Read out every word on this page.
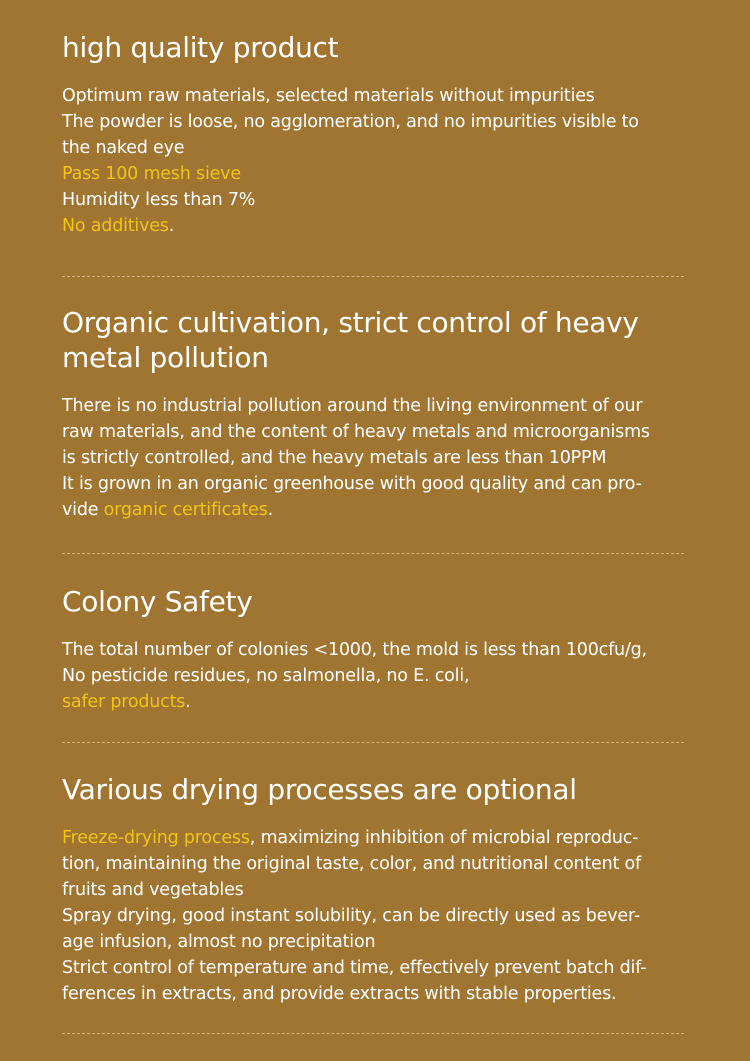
high quality product
Optimum raw materials, selected materials without impurities
The powder is loose, no agglomeration, and no impurities visible to
the naked eye
Pass 100 mesh sieve
Humidity less than 7%
No additives.
Organic cultivation, strict control of heavy
metal pollution
There is no industrial pollution around the living environment of our
raw materials, and the content of heavy metals and microorganisms
is strictly controlled, and the heavy metals are less than 10PPM
It is grown in an organic greenhouse with good quality and can pro-
vide organic certificates.
Colony Safety
The total number of colonies <1000, the mold is less than 100cfu/g,
No pesticide residues, no salmonella, no E. coli,
safer products.
Various drying processes are optional
Freeze-drying process, maximizing inhibition of microbial reproduc-
tion, maintaining the original taste, color, and nutritional content of
fruits and vegetables
Spray drying, good instant solubility, can be directly used as bever-
age infusion, almost no precipitation
Strict control of temperature and time, effectively prevent batch dif-
ferences in extracts, and provide extracts with stable properties.
